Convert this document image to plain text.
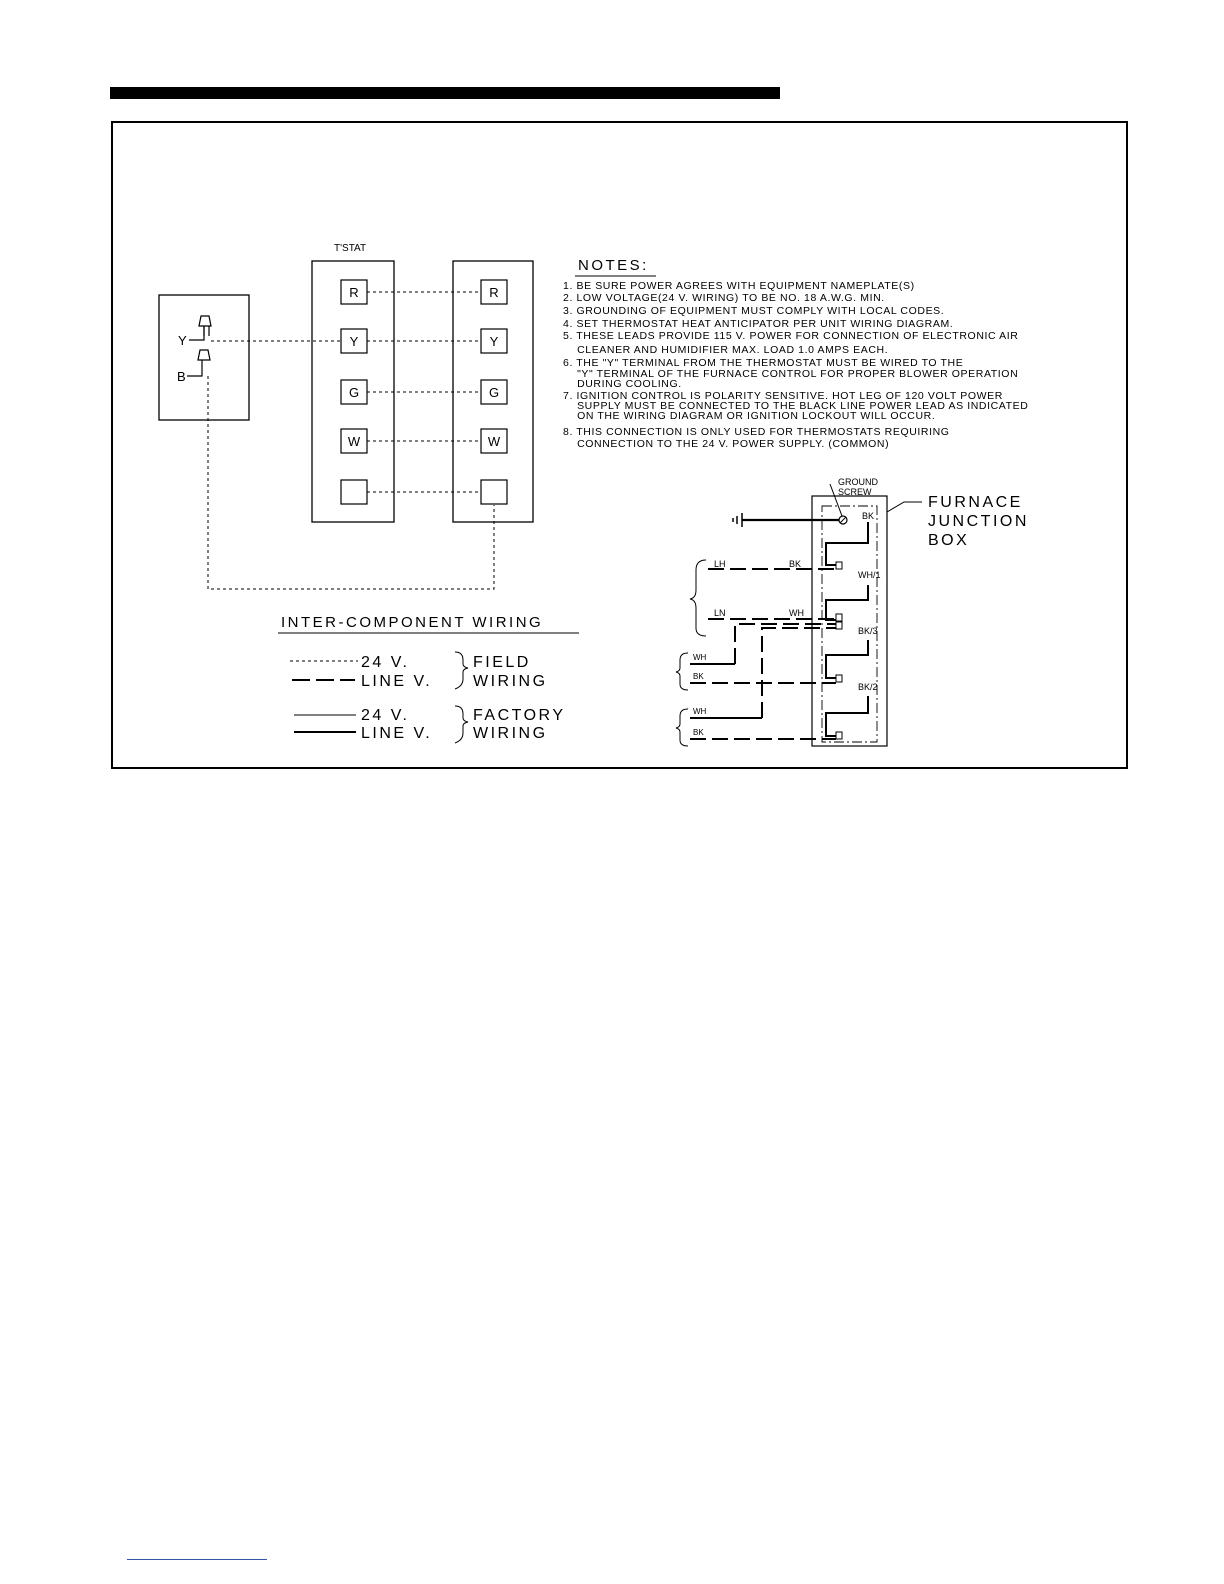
Y
B
T'STAT
R
Y
G
W
R
Y
G
W
NOTES:
1. BE SURE POWER AGREES WITH EQUIPMENT NAMEPLATE(S)
2. LOW VOLTAGE(24 V. WIRING) TO BE NO. 18 A.W.G. MIN.
3. GROUNDING OF EQUIPMENT MUST COMPLY WITH LOCAL CODES.
4. SET THERMOSTAT HEAT ANTICIPATOR PER UNIT WIRING DIAGRAM.
5. THESE LEADS PROVIDE 115 V. POWER FOR CONNECTION OF ELECTRONIC AIR
CLEANER AND HUMIDIFIER MAX. LOAD 1.0 AMPS EACH.
6. THE "Y" TERMINAL FROM THE THERMOSTAT MUST BE WIRED TO THE
"Y" TERMINAL OF THE FURNACE CONTROL FOR PROPER BLOWER OPERATION
DURING COOLING.
7. IGNITION CONTROL IS POLARITY SENSITIVE. HOT LEG OF 120 VOLT POWER
SUPPLY MUST BE CONNECTED TO THE BLACK LINE POWER LEAD AS INDICATED
ON THE WIRING DIAGRAM OR IGNITION LOCKOUT WILL OCCUR.
8. THIS CONNECTION IS ONLY USED FOR THERMOSTATS REQUIRING
CONNECTION TO THE 24 V. POWER SUPPLY. (COMMON)
GROUND
SCREW
FURNACE
JUNCTION
BOX
BK
WH/1
BK/3
BK/2
LH	BK
LN	WH
WH
BK
WH
BK
INTER-COMPONENT WIRING
24 V.
LINE V.
FIELD
WIRING
24 V.
LINE V.
FACTORY
WIRING
